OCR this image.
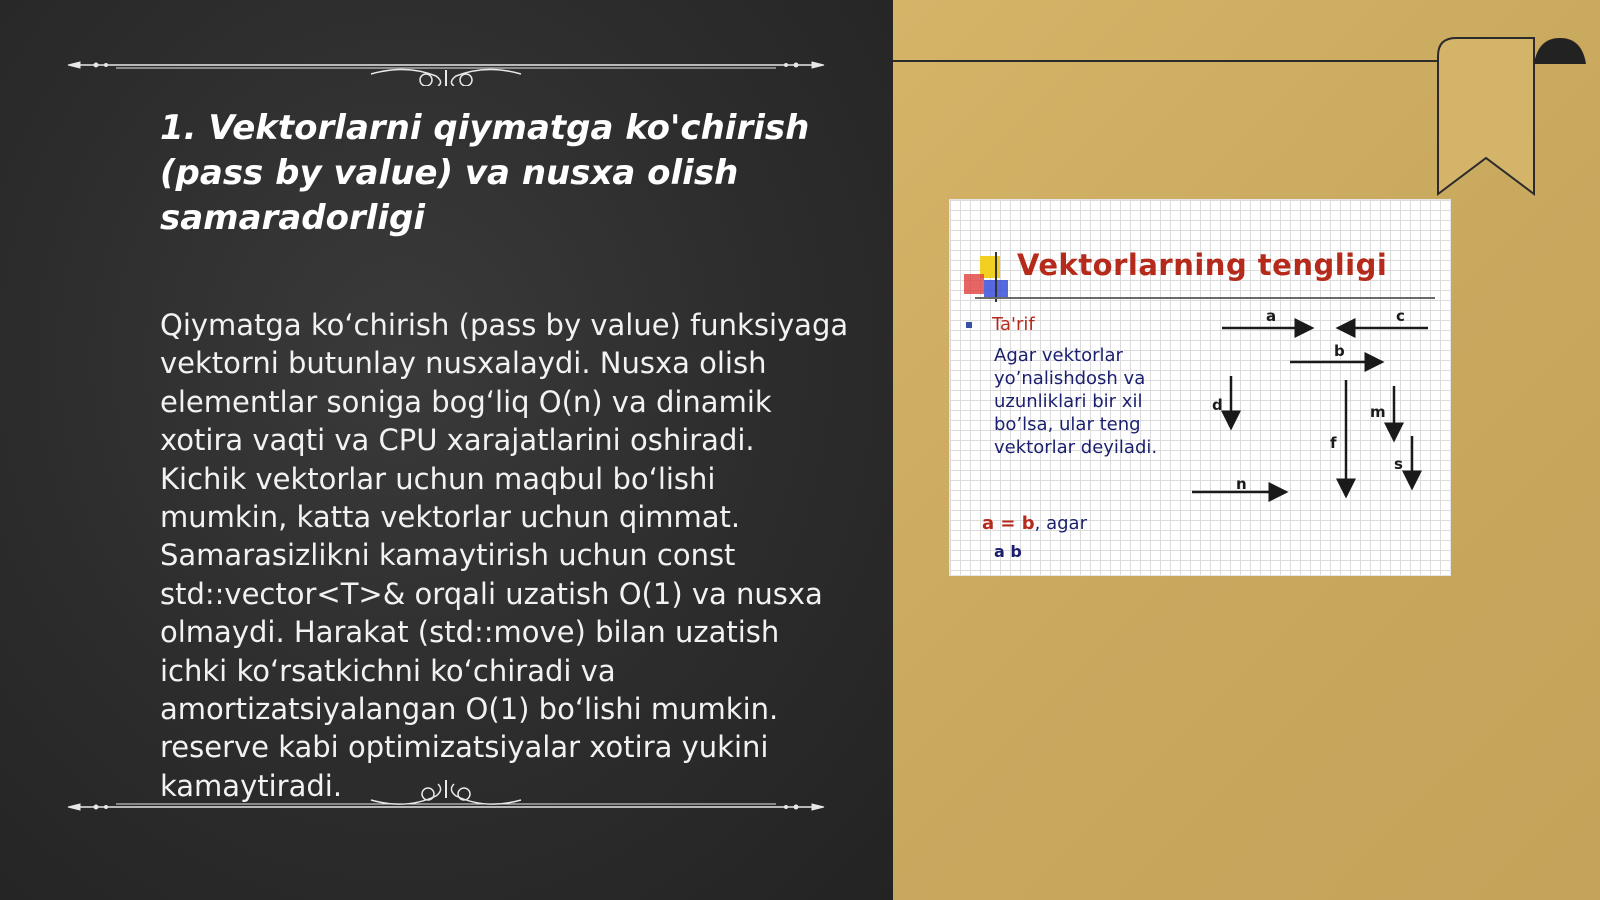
1. Vektorlarni qiymatga ko'chirish (pass by value) va nusxa olish samaradorligi

Qiymatga ko‘chirish (pass by value) funksiyaga vektorni butunlay nusxalaydi. Nusxa olish elementlar soniga bog‘liq O(n) va dinamik xotira vaqti va CPU xarajatlarini oshiradi. Kichik vektorlar uchun maqbul bo‘lishi mumkin, katta vektorlar uchun qimmat. Samarasizlikni kamaytirish uchun const std::vector<T>& orqali uzatish O(1) va nusxa olmaydi. Harakat (std::move) bilan uzatish ichki ko‘rsatkichni ko‘chiradi va amortizatsiyalangan O(1) bo‘lishi mumkin. reserve kabi optimizatsiyalar xotira yukini kamaytiradi.

Vektorlarning tengligi
Ta'rif

Agar vektorlar yo’nalishdosh va uzunliklari bir xil bo’lsa, ular teng vektorlar deyiladi.

a	c
b
d	m
f
s
n
a = b, agar
a b
